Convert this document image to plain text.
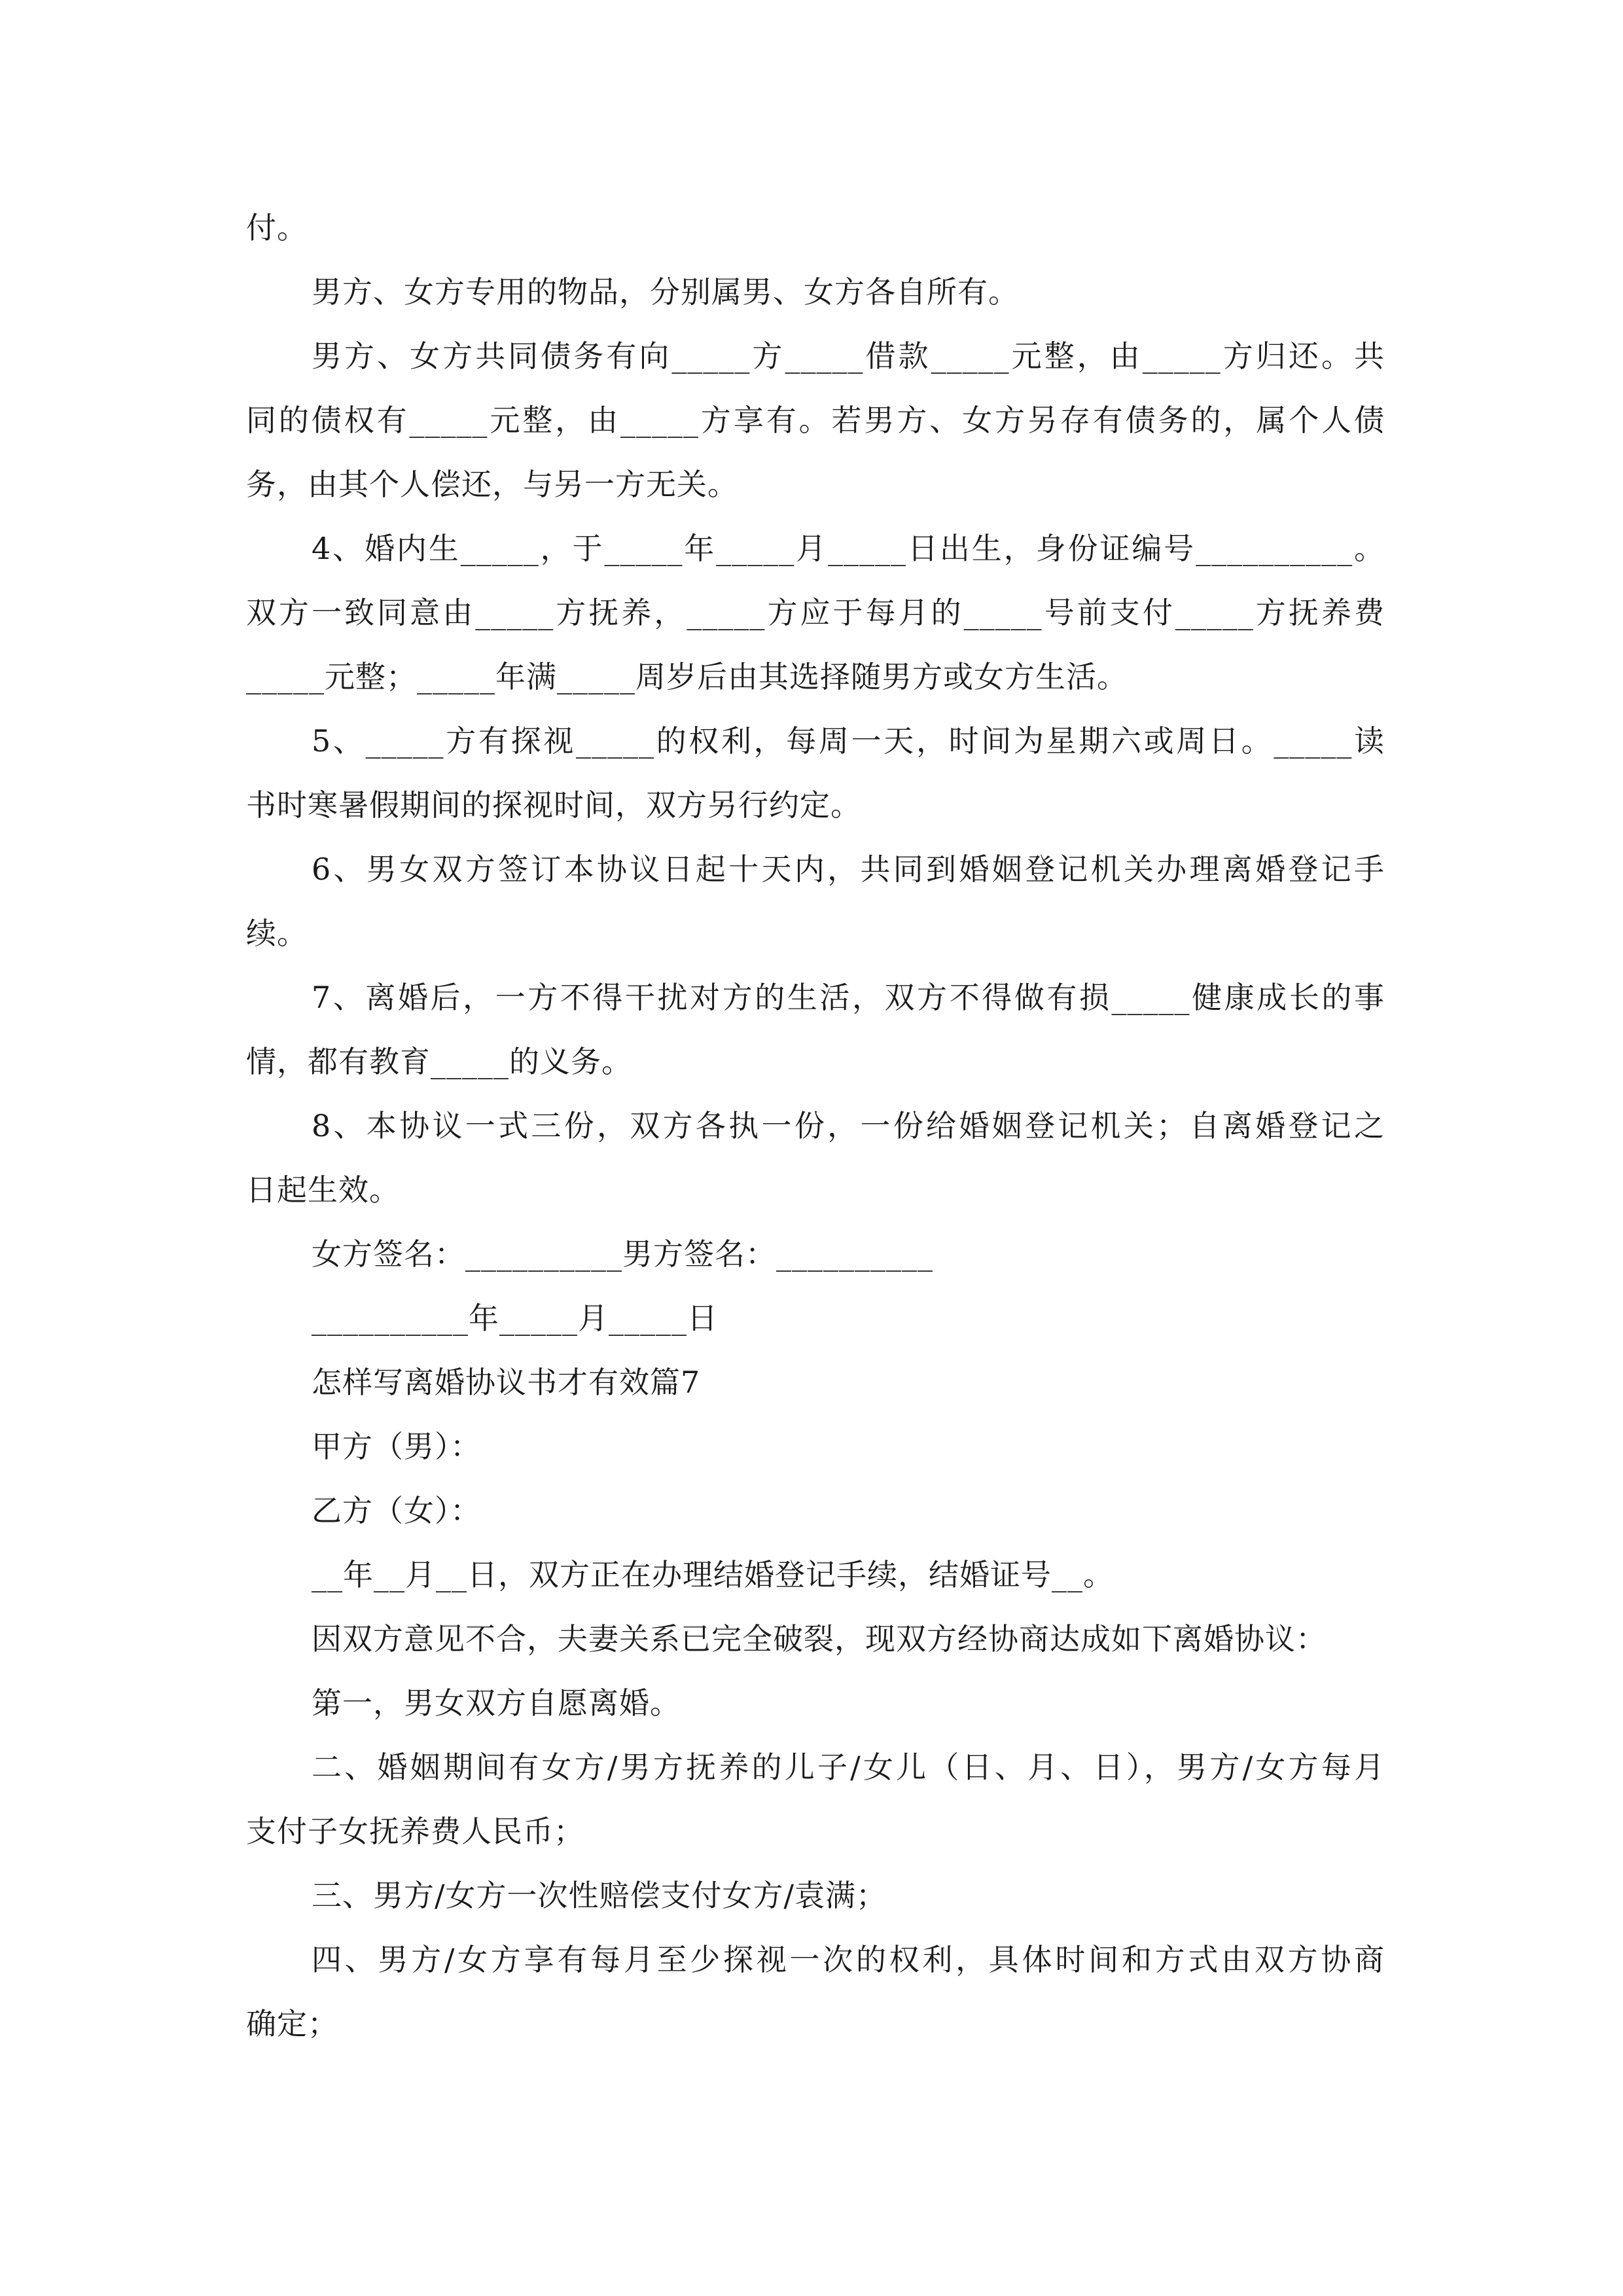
付。
男方、女方专用的物品，分别属男、女方各自所有。
男方、女方共同债务有向_____方_____借款_____元整，由_____方归还。共
同的债权有_____元整，由_____方享有。若男方、女方另存有债务的，属个人债
务，由其个人偿还，与另一方无关。
4、婚内生_____，于_____年_____月_____日出生，身份证编号__________。
双方一致同意由_____方抚养，_____方应于每月的_____号前支付_____方抚养费
_____元整；_____年满_____周岁后由其选择随男方或女方生活。
5、_____方有探视_____的权利，每周一天，时间为星期六或周日。_____读
书时寒暑假期间的探视时间，双方另行约定。
6、男女双方签订本协议日起十天内，共同到婚姻登记机关办理离婚登记手
续。
7、离婚后，一方不得干扰对方的生活，双方不得做有损_____健康成长的事
情，都有教育_____的义务。
8、本协议一式三份，双方各执一份，一份给婚姻登记机关；自离婚登记之
日起生效。
女方签名：__________男方签名：__________
__________年_____月_____日
怎样写离婚协议书才有效篇7
甲方（男）：
乙方（女）：
__年__月__日，双方正在办理结婚登记手续，结婚证号__。
因双方意见不合，夫妻关系已完全破裂，现双方经协商达成如下离婚协议：
第一，男女双方自愿离婚。
二、婚姻期间有女方/男方抚养的儿子/女儿（日、月、日），男方/女方每月
支付子女抚养费人民币；
三、男方/女方一次性赔偿支付女方/袁满；
四、男方/女方享有每月至少探视一次的权利，具体时间和方式由双方协商
确定；
